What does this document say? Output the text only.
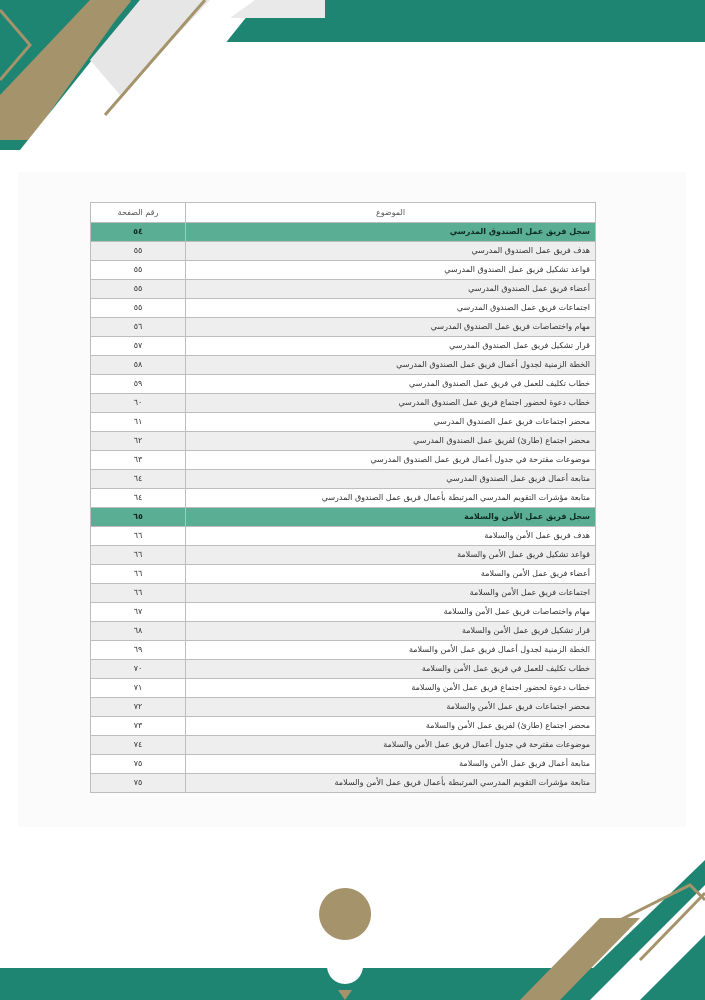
الموضوع	رقم الصفحة
سجل فريق عمل الصندوق المدرسي	٥٤
هدف فريق عمل الصندوق المدرسي	٥٥
قواعد تشكيل فريق عمل الصندوق المدرسي	٥٥
أعضاء فريق عمل الصندوق المدرسي	٥٥
اجتماعات فريق عمل الصندوق المدرسي	٥٥
مهام واختصاصات فريق عمل الصندوق المدرسي	٥٦
قرار تشكيل فريق عمل الصندوق المدرسي	٥٧
الخطة الزمنية لجدول أعمال فريق عمل الصندوق المدرسي	٥٨
خطاب تكليف للعمل في فريق عمل الصندوق المدرسي	٥٩
خطاب دعوة لحضور اجتماع فريق عمل الصندوق المدرسي	٦٠
محضر اجتماعات فريق عمل الصندوق المدرسي	٦١
محضر اجتماع (طارئ) لفريق عمل الصندوق المدرسي	٦٢
موضوعات مقترحة في جدول أعمال فريق عمل الصندوق المدرسي	٦٣
متابعة أعمال فريق عمل الصندوق المدرسي	٦٤
متابعة مؤشرات التقويم المدرسي المرتبطة بأعمال فريق عمل الصندوق المدرسي	٦٤
سجل فريق عمل الأمن والسلامة	٦٥
هدف فريق عمل الأمن والسلامة	٦٦
قواعد تشكيل فريق عمل الأمن والسلامة	٦٦
أعضاء فريق عمل الأمن والسلامة	٦٦
اجتماعات فريق عمل الأمن والسلامة	٦٦
مهام واختصاصات فريق عمل الأمن والسلامة	٦٧
قرار تشكيل فريق عمل الأمن والسلامة	٦٨
الخطة الزمنية لجدول أعمال فريق عمل الأمن والسلامة	٦٩
خطاب تكليف للعمل في فريق عمل الأمن والسلامة	٧٠
خطاب دعوة لحضور اجتماع فريق عمل الأمن والسلامة	٧١
محضر اجتماعات فريق عمل الأمن والسلامة	٧٢
محضر اجتماع (طارئ) لفريق عمل الأمن والسلامة	٧٣
موضوعات مقترحة في جدول أعمال فريق عمل الأمن والسلامة	٧٤
متابعة أعمال فريق عمل الأمن والسلامة	٧٥
متابعة مؤشرات التقويم المدرسي المرتبطة بأعمال فريق عمل الأمن والسلامة	٧٥
